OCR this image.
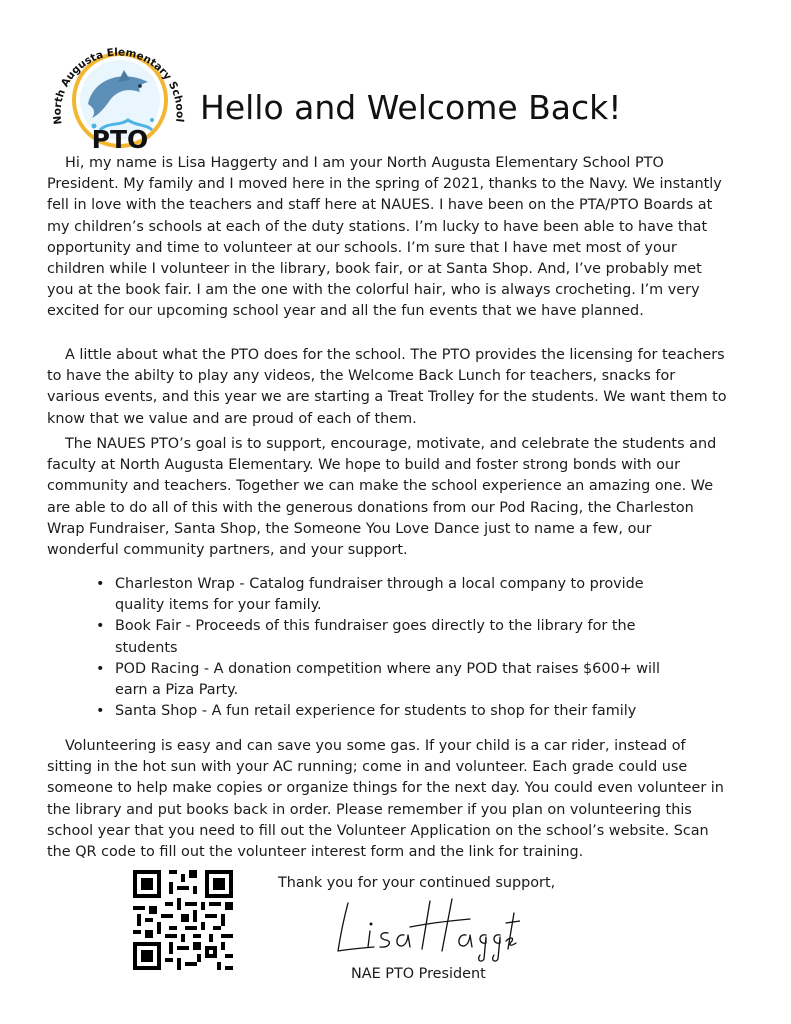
North Augusta Elementary School
PTO
Hello and Welcome Back!

Hi, my name is Lisa Haggerty and I am your North Augusta Elementary School PTO President. My family and I moved here in the spring of 2021, thanks to the Navy. We instantly fell in love with the teachers and staff here at NAUES. I have been on the PTA/PTO Boards at my children’s schools at each of the duty stations. I’m lucky to have been able to have that opportunity and time to volunteer at our schools. I’m sure that I have met most of your children while I volunteer in the library, book fair, or at Santa Shop. And, I’ve probably met you at the book fair. I am the one with the colorful hair, who is always crocheting. I’m very excited for our upcoming school year and all the fun events that we have planned.

A little about what the PTO does for the school. The PTO provides the licensing for teachers to have the abilty to play any videos, the Welcome Back Lunch for teachers, snacks for various events, and this year we are starting a Treat Trolley for the students. We want them to know that we value and are proud of each of them.

The NAUES PTO’s goal is to support, encourage, motivate, and celebrate the students and faculty at North Augusta Elementary. We hope to build and foster strong bonds with our community and teachers. Together we can make the school experience an amazing one. We are able to do all of this with the generous donations from our Pod Racing, the Charleston Wrap Fundraiser, Santa Shop, the Someone You Love Dance just to name a few, our wonderful community partners, and your support.

• Charleston Wrap - Catalog fundraiser through a local company to provide quality items for your family.
• Book Fair - Proceeds of this fundraiser goes directly to the library for the students
• POD Racing - A donation competition where any POD that raises $600+ will earn a Piza Party.
• Santa Shop - A fun retail experience for students to shop for their family

Volunteering is easy and can save you some gas. If your child is a car rider, instead of sitting in the hot sun with your AC running; come in and volunteer. Each grade could use someone to help make copies or organize things for the next day. You could even volunteer in the library and put books back in order. Please remember if you plan on volunteering this school year that you need to fill out the Volunteer Application on the school’s website. Scan the QR code to fill out the volunteer interest form and the link for training.

Thank you for your continued support,
NAE PTO President
